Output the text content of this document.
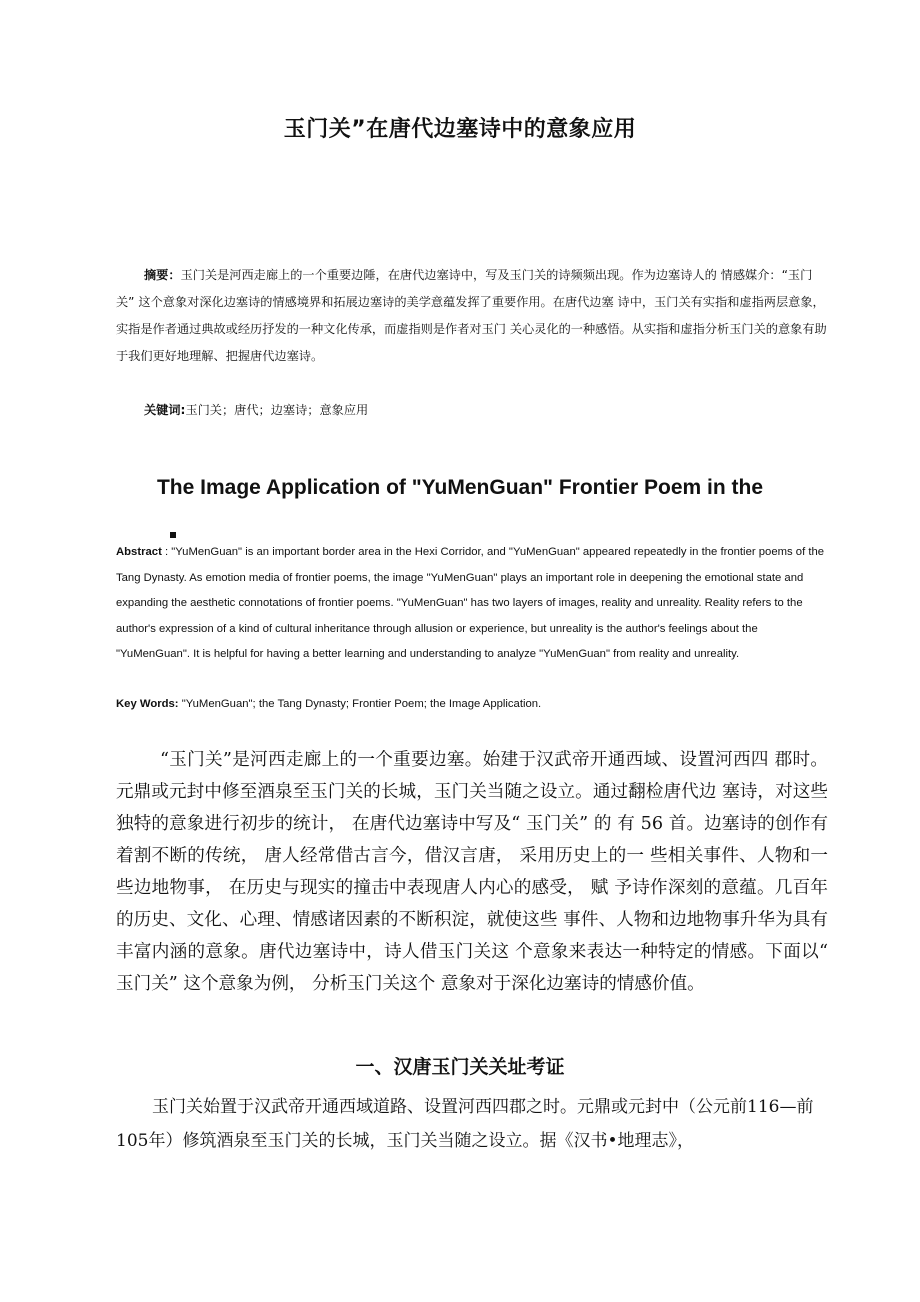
玉门关”在唐代边塞诗中的意象应用

摘要：玉门关是河西走廊上的一个重要边陲，在唐代边塞诗中，写及玉门关的诗频频出现。作为边塞诗人的 情感媒介：“玉门关” 这个意象对深化边塞诗的情感境界和拓展边塞诗的美学意蕴发挥了重要作用。在唐代边塞 诗中，玉门关有实指和虚指两层意象，实指是作者通过典故或经历抒发的一种文化传承，而虚指则是作者对玉门 关心灵化的一种感悟。从实指和虚指分析玉门关的意象有助于我们更好地理解、把握唐代边塞诗。

关键词:玉门关；唐代；边塞诗；意象应用

The Image Application of "YuMenGuan" Frontier Poem in the

Abstract : "YuMenGuan" is an important border area in the Hexi Corridor, and "YuMenGuan" appeared repeatedly in the frontier poems of the Tang Dynasty. As emotion media of frontier poems, the image "YuMenGuan" plays an important role in deepening the emotional state and expanding the aesthetic connotations of frontier poems. "YuMenGuan" has two layers of images, reality and unreality. Reality refers to the author's expression of a kind of cultural inheritance through allusion or experience, but unreality is the author's feelings about the "YuMenGuan". It is helpful for having a better learning and understanding to analyze "YuMenGuan" from reality and unreality.

Key Words: "YuMenGuan"; the Tang Dynasty; Frontier Poem; the Image Application.

“玉门关”是河西走廊上的一个重要边塞。始建于汉武帝开通西域、设置河西四 郡时。元鼎或元封中修至酒泉至玉门关的长城，玉门关当随之设立。通过翻检唐代边 塞诗，对这些独特的意象进行初步的统计， 在唐代边塞诗中写及“ 玉门关” 的 有 56 首。边塞诗的创作有着割不断的传统， 唐人经常借古言今，借汉言唐， 采用历史上的一 些相关事件、人物和一些边地物事， 在历史与现实的撞击中表现唐人内心的感受， 赋 予诗作深刻的意蕴。几百年的历史、文化、心理、情感诸因素的不断积淀，就使这些 事件、人物和边地物事升华为具有丰富内涵的意象。唐代边塞诗中，诗人借玉门关这 个意象来表达一种特定的情感。下面以“ 玉门关” 这个意象为例， 分析玉门关这个 意象对于深化边塞诗的情感价值。

一、汉唐玉门关关址考证

玉门关始置于汉武帝开通西域道路、设置河西四郡之时。元鼎或元封中（公元前116—前105年）修筑酒泉至玉门关的长城，玉门关当随之设立。据《汉书•地理志》，
